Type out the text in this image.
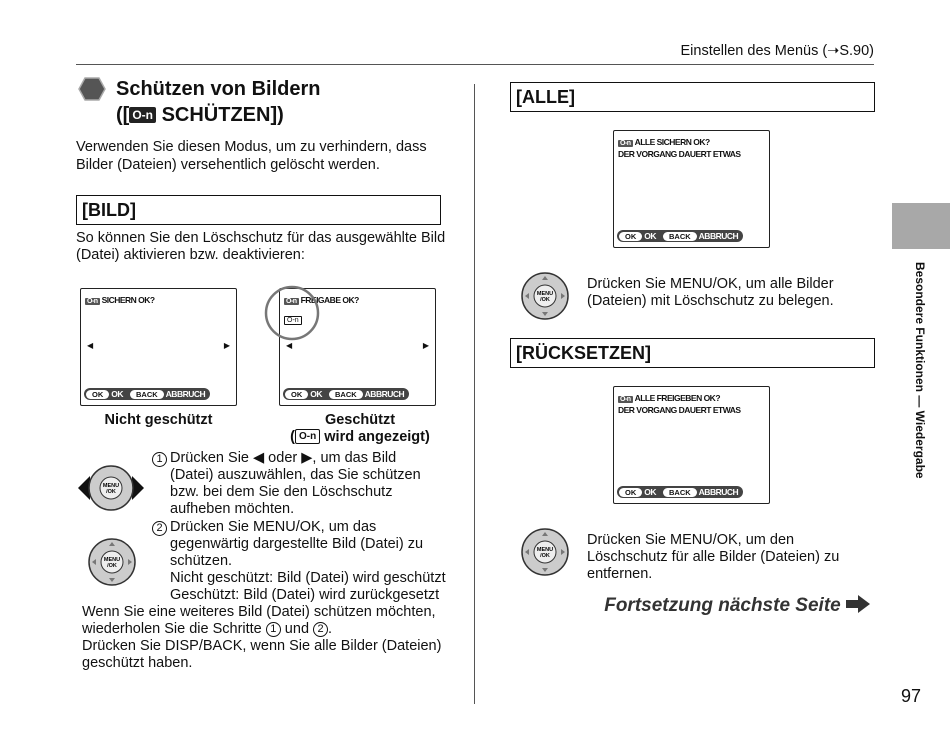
Einstellen des Menüs (➝S.90)
Schützen von Bildern
([ O-n SCHÜTZEN])
Verwenden Sie diesen Modus, um zu verhindern, dass Bilder (Dateien) versehentlich gelöscht werden.
[BILD]
So können Sie den Löschschutz für das ausgewählte Bild (Datei) aktivieren bzw. deaktivieren:
O-n SICHERN OK?
◀	▶
OK OK	BACK ABBRUCH
O-n FREIGABE OK?
O-n
◀	▶
OK OK	BACK ABBRUCH
Nicht geschützt	Geschützt
( O-n wird angezeigt)
MENU
/OK
1 Drücken Sie ◀ oder ▶, um das Bild (Datei) auszuwählen, das Sie schützen bzw. bei dem Sie den Löschschutz aufheben möchten.
MENU
/OK
2 Drücken Sie MENU/OK, um das gegenwärtig dargestellte Bild (Datei) zu schützen.
Nicht geschützt: Bild (Datei) wird geschützt
Geschützt: Bild (Datei) wird zurückgesetzt
Wenn Sie eine weiteres Bild (Datei) schützen möchten, wiederholen Sie die Schritte 1 und 2 .
Drücken Sie DISP/BACK, wenn Sie alle Bilder (Dateien) geschützt haben.
[ALLE]
O-n ALLE SICHERN OK?
DER VORGANG DAUERT ETWAS
OK OK	BACK ABBRUCH
MENU
/OK
Drücken Sie MENU/OK, um alle Bilder (Dateien) mit Löschschutz zu belegen.
[RÜCKSETZEN]
O-n ALLE FREIGEBEN OK?
DER VORGANG DAUERT ETWAS
OK OK	BACK ABBRUCH
MENU
/OK
Drücken Sie MENU/OK, um den Löschschutz für alle Bilder (Dateien) zu entfernen.
Fortsetzung nächste Seite
Besondere Funktionen — Wiedergabe
97
